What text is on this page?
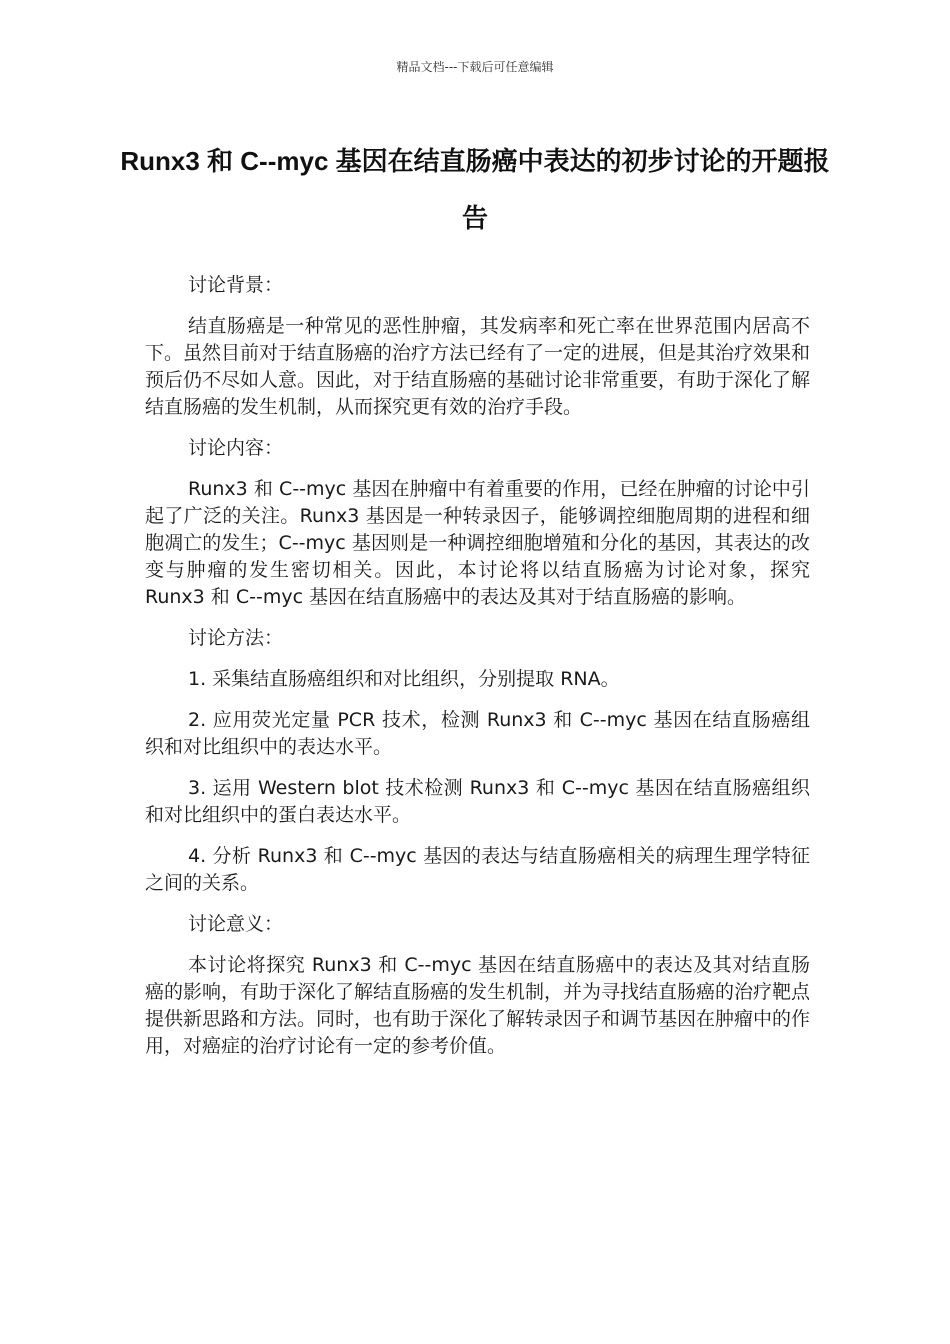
精品文档---下载后可任意编辑
Runx3 和 C--myc 基因在结直肠癌中表达的初步讨论的开题报告

讨论背景：

结直肠癌是一种常见的恶性肿瘤，其发病率和死亡率在世界范围内居高不下。虽然目前对于结直肠癌的治疗方法已经有了一定的进展，但是其治疗效果和预后仍不尽如人意。因此，对于结直肠癌的基础讨论非常重要，有助于深化了解结直肠癌的发生机制，从而探究更有效的治疗手段。

讨论内容：

Runx3 和 C--myc 基因在肿瘤中有着重要的作用，已经在肿瘤的讨论中引起了广泛的关注。Runx3 基因是一种转录因子，能够调控细胞周期的进程和细胞凋亡的发生；C--myc 基因则是一种调控细胞增殖和分化的基因，其表达的改变与肿瘤的发生密切相关。因此，本讨论将以结直肠癌为讨论对象，探究 Runx3 和 C--myc 基因在结直肠癌中的表达及其对于结直肠癌的影响。

讨论方法：

1. 采集结直肠癌组织和对比组织，分别提取 RNA。

2. 应用荧光定量 PCR 技术，检测 Runx3 和 C--myc 基因在结直肠癌组织和对比组织中的表达水平。

3. 运用 Western blot 技术检测 Runx3 和 C--myc 基因在结直肠癌组织和对比组织中的蛋白表达水平。

4. 分析 Runx3 和 C--myc 基因的表达与结直肠癌相关的病理生理学特征之间的关系。

讨论意义：

本讨论将探究 Runx3 和 C--myc 基因在结直肠癌中的表达及其对结直肠癌的影响，有助于深化了解结直肠癌的发生机制，并为寻找结直肠癌的治疗靶点提供新思路和方法。同时，也有助于深化了解转录因子和调节基因在肿瘤中的作用，对癌症的治疗讨论有一定的参考价值。
